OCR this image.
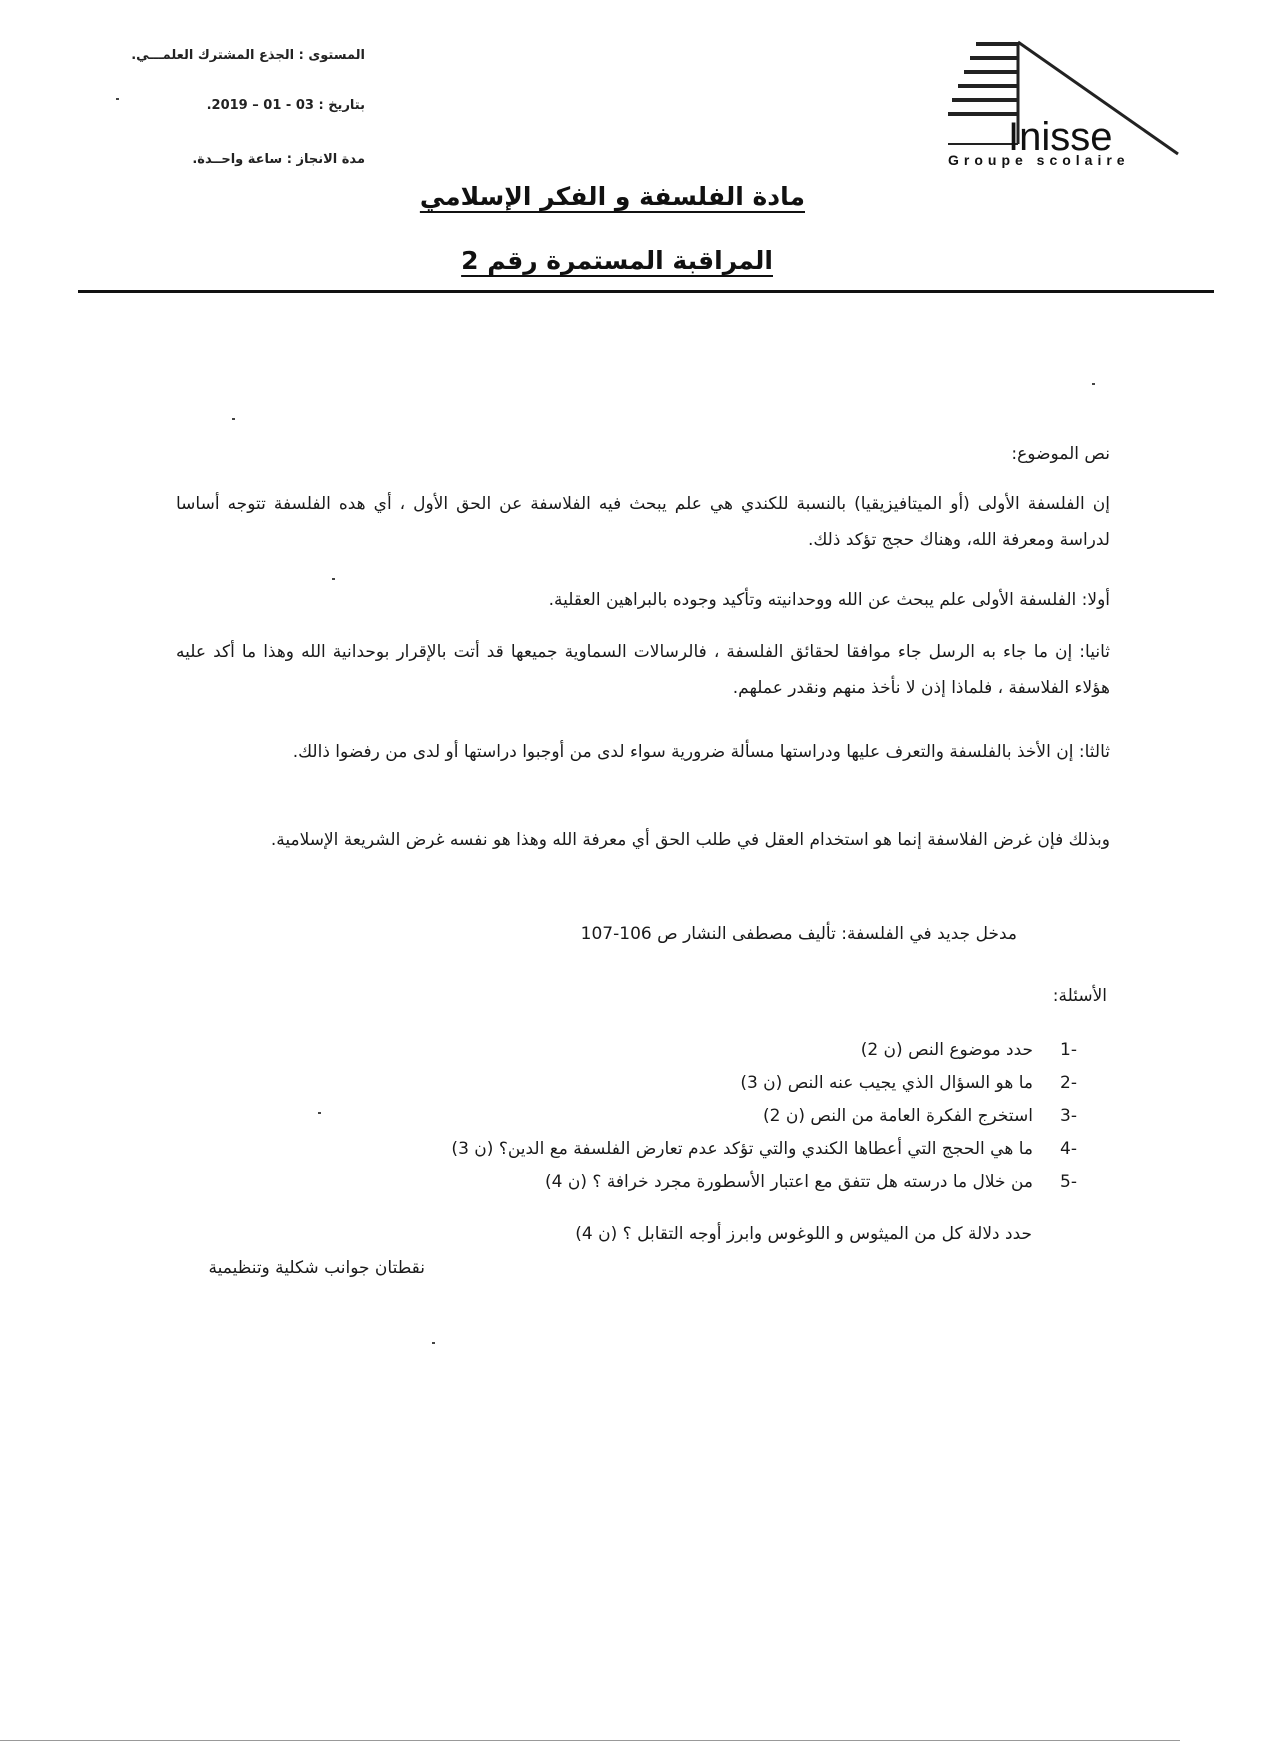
المستوى : الجذع المشترك العلمـــي.
بتاريخ : 03 - 01 – 2019.
مدة الانجاز : ساعة واحــدة.
Inisse
Groupe scolaire
مادة الفلسفة و الفكر الإسلامي
المراقبة المستمرة رقم 2
نص الموضوع:
إن الفلسفة الأولى (أو الميتافيزيقيا) بالنسبة للكندي هي علم يبحث فيه الفلاسفة عن الحق الأول ، أي هده الفلسفة تتوجه أساسا لدراسة ومعرفة الله، وهناك حجج تؤكد ذلك.
أولا: الفلسفة الأولى علم يبحث عن الله ووحدانيته وتأكيد وجوده بالبراهين العقلية.
ثانيا: إن ما جاء به الرسل جاء موافقا لحقائق الفلسفة ، فالرسالات السماوية جميعها قد أتت بالإقرار بوحدانية الله وهذا ما أكد عليه هؤلاء الفلاسفة ، فلماذا إذن لا نأخذ منهم ونقدر عملهم.
ثالثا: إن الأخذ بالفلسفة والتعرف عليها ودراستها مسألة ضرورية سواء لدى من أوجبوا دراستها أو لدى من رفضوا ذالك.
وبذلك فإن غرض الفلاسفة إنما هو استخدام العقل في طلب الحق أي معرفة الله وهذا هو نفسه غرض الشريعة الإسلامية.
مدخل جديد في الفلسفة: تأليف مصطفى النشار ص 106-107
الأسئلة:
-1
حدد موضوع النص (ن 2)
-2
ما هو السؤال الذي يجيب عنه النص (ن 3)
-3
استخرج الفكرة العامة من النص (ن 2)
-4
ما هي الحجج التي أعطاها الكندي والتي تؤكد عدم تعارض الفلسفة مع الدين؟ (ن 3)
-5
من خلال ما درسته هل تتفق مع اعتبار الأسطورة مجرد خرافة ؟ (ن 4)
حدد دلالة كل من الميثوس و اللوغوس وابرز أوجه التقابل ؟ (ن 4)
نقطتان جوانب شكلية وتنظيمية
